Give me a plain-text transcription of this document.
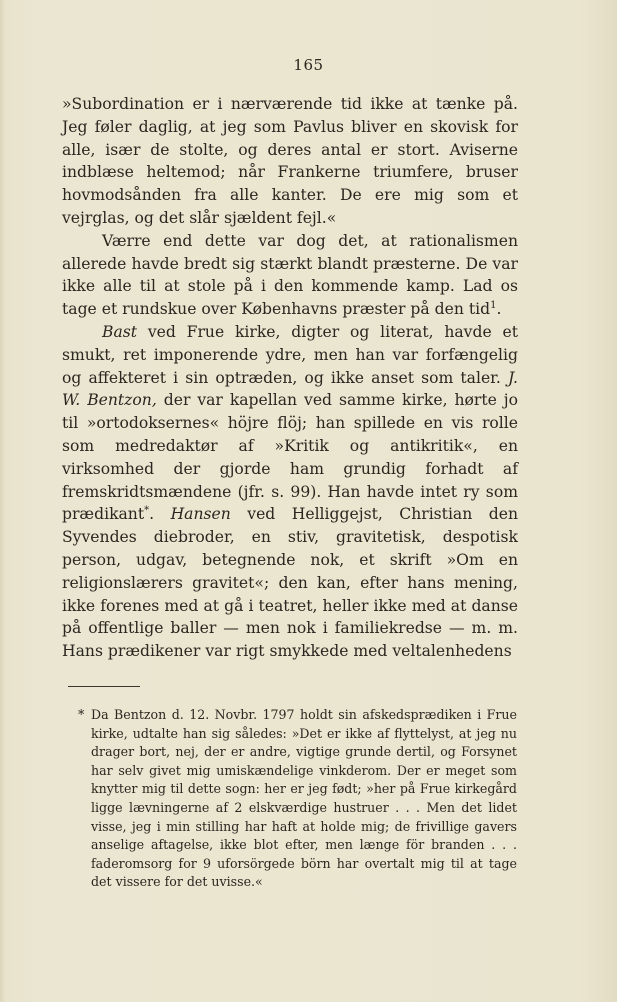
165

»Subordination er i nærværende tid ikke at tænke på. Jeg føler daglig, at jeg som Pavlus bliver en skovisk for alle, især de stolte, og deres antal er stort. Aviserne indblæse heltemod; når Frankerne triumfere, bruser hovmodsånden fra alle kanter. De ere mig som et vejrglas, og det slår sjældent fejl.«

Værre end dette var dog det, at rationalismen allerede havde bredt sig stærkt blandt præsterne. De var ikke alle til at stole på i den kommende kamp. Lad os tage et rundskue over Københavns præster på den tid$^1$.

Bast ved Frue kirke, digter og literat, havde et smukt, ret imponerende ydre, men han var forfængelig og affekteret i sin optræden, og ikke anset som taler. J. W. Bentzon, der var kapellan ved samme kirke, hørte jo til »ortodoksernes« höjre flöj; han spillede en vis rolle som medredaktør af »Kritik og antikritik«, en virksomhed der gjorde ham grundig forhadt af fremskridtsmændene (jfr. s. 99). Han havde intet ry som prædikant*. Hansen ved Helliggejst, Christian den Syvendes diebroder, en stiv, gravitetisk, despotisk person, udgav, betegnende nok, et skrift »Om en religionslærers gravitet«; den kan, efter hans mening, ikke forenes med at gå i teatret, heller ikke med at danse på offentlige baller — men nok i familiekredse — m. m. Hans prædikener var rigt smykkede med veltalenhedens

* Da Bentzon d. 12. Novbr. 1797 holdt sin afskedsprædiken i Frue kirke, udtalte han sig således: »Det er ikke af flyttelyst, at jeg nu drager bort, nej, der er andre, vigtige grunde dertil, og Forsynet har selv givet mig umiskændelige vinkderom. Der er meget som knytter mig til dette sogn: her er jeg født; »her på Frue kirkegård ligge lævningerne af 2 elskværdige hustruer . . . Men det lidet visse, jeg i min stilling har haft at holde mig; de frivillige gavers anselige aftagelse, ikke blot efter, men længe för branden . . . faderomsorg for 9 uforsörgede börn har overtalt mig til at tage det vissere for det uvisse.«
